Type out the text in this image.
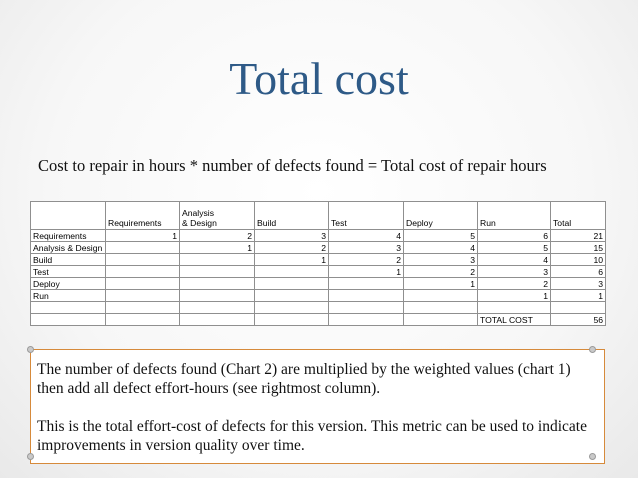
Total cost
Cost to repair in hours * number of defects found = Total cost of repair hours
	Requirements	Analysis
& Design	Build	Test	Deploy	Run	Total
Requirements	1	2	3	4	5	6	21
Analysis & Design		1	2	3	4	5	15
Build			1	2	3	4	10
Test				1	2	3	6
Deploy					1	2	3
Run						1	1

						TOTAL COST	56

The number of defects found (Chart 2) are multiplied by the weighted values (chart 1) then add all defect effort-hours (see rightmost column).

This is the total effort-cost of defects for this version. This metric can be used to indicate improvements in version quality over time.
